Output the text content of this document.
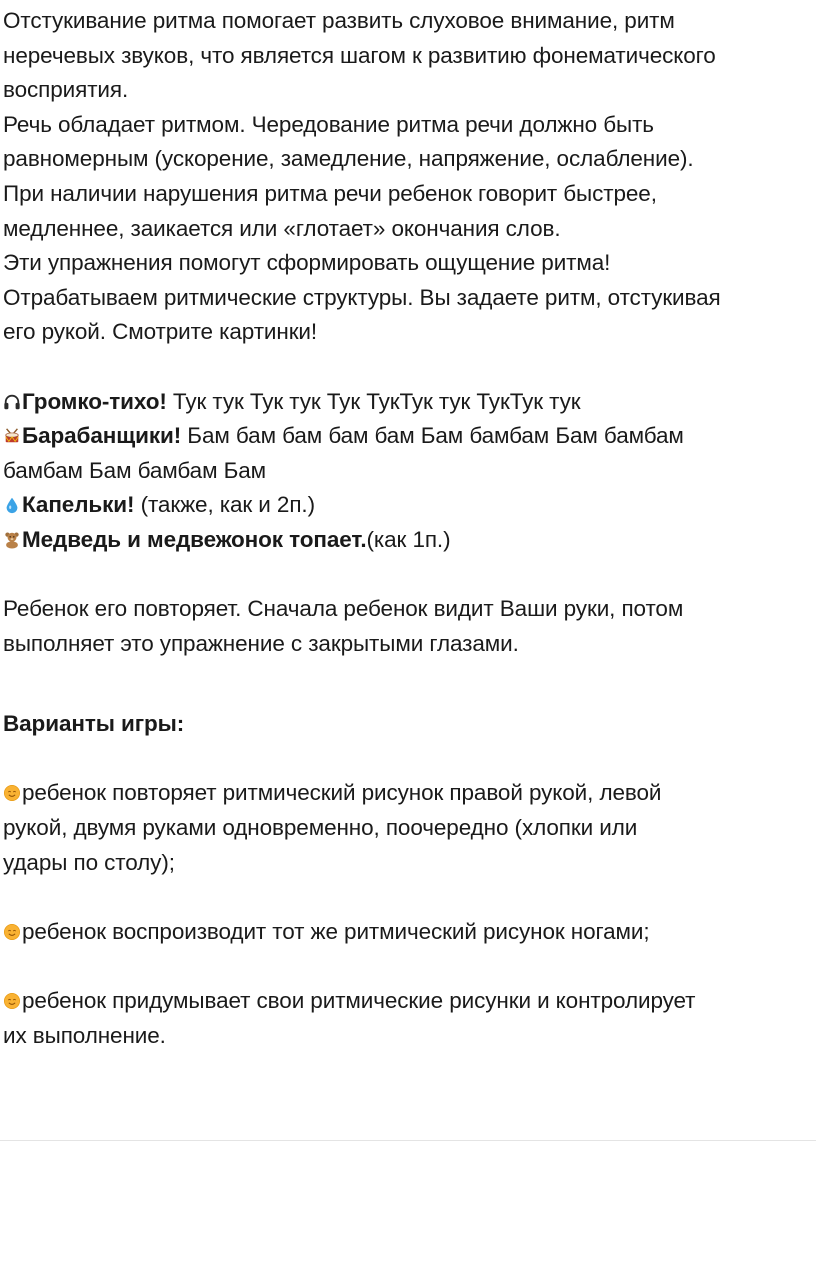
Отстукивание ритма помогает развить слуховое внимание, ритм
неречевых звуков, что является шагом к развитию фонематического
восприятия.
Речь обладает ритмом. Чередование ритма речи должно быть
равномерным (ускорение, замедление, напряжение, ослабление).
При наличии нарушения ритма речи ребенок говорит быстрее,
медленнее, заикается или «глотает» окончания слов.
Эти упражнения помогут сформировать ощущение ритма!
Отрабатываем ритмические структуры. Вы задаете ритм, отстукивая
его рукой. Смотрите картинки!
Громко-тихо! Тук тук Тук тук Тук ТукТук тук ТукТук тук
Барабанщики! Бам бам бам бам бам Бам бамбам Бам бамбам
бамбам Бам бамбам Бам
Капельки! (также, как и 2п.)
Медведь и медвежонок топает.(как 1п.)
Ребенок его повторяет. Сначала ребенок видит Ваши руки, потом
выполняет это упражнение с закрытыми глазами.
Варианты игры:
ребенок повторяет ритмический рисунок правой рукой, левой
рукой, двумя руками одновременно, поочередно (хлопки или
удары по столу);
ребенок воспроизводит тот же ритмический рисунок ногами;
ребенок придумывает свои ритмические рисунки и контролирует
их выполнение.
